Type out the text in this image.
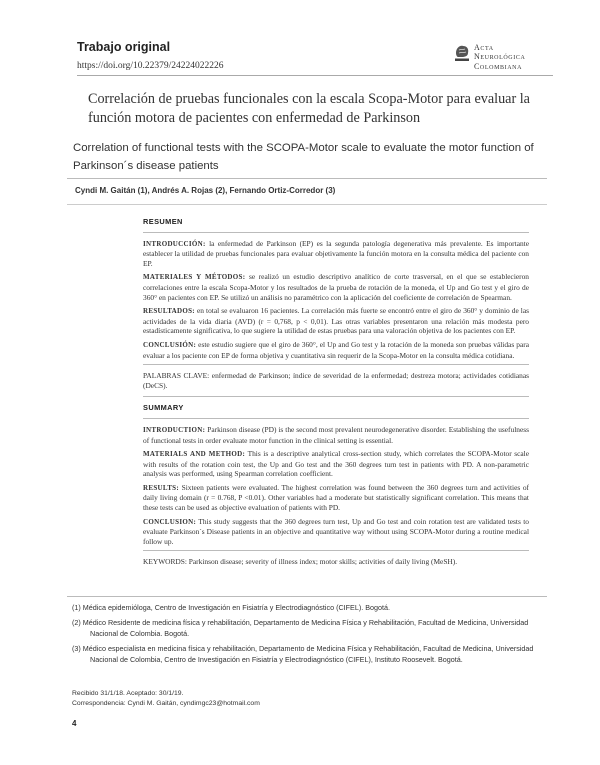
Trabajo original
https://doi.org/10.22379/24224022226
Acta
Neurológica
Colombiana
Correlación de pruebas funcionales con la escala Scopa-Motor para evaluar la función motora de pacientes con enfermedad de Parkinson
Correlation of functional tests with the SCOPA-Motor scale to evaluate the motor function of Parkinson´s disease patients
Cyndi M. Gaitán (1), Andrés A. Rojas (2), Fernando Ortiz-Corredor (3)
RESUMEN

INTRODUCCIÓN: la enfermedad de Parkinson (EP) es la segunda patología degenerativa más prevalente. Es importante establecer la utilidad de pruebas funcionales para evaluar objetivamente la función motora en la consulta médica del paciente con EP.

MATERIALES Y MÉTODOS: se realizó un estudio descriptivo analítico de corte trasversal, en el que se establecieron correlaciones entre la escala Scopa-Motor y los resultados de la prueba de rotación de la moneda, el Up and Go test y el giro de 360° en pacientes con EP. Se utilizó un análisis no paramétrico con la aplicación del coeficiente de correlación de Spearman.

RESULTADOS: en total se evaluaron 16 pacientes. La correlación más fuerte se encontró entre el giro de 360° y dominio de las actividades de la vida diaria (AVD) (r = 0,768, p < 0,01). Las otras variables presentaron una relación más modesta pero estadísticamente significativa, lo que sugiere la utilidad de estas pruebas para una valoración objetiva de los pacientes con EP.

CONCLUSIÓN: este estudio sugiere que el giro de 360°, el Up and Go test y la rotación de la moneda son pruebas válidas para evaluar a los paciente con EP de forma objetiva y cuantitativa sin requerir de la Scopa-Motor en la consulta médica cotidiana.

PALABRAS CLAVE: enfermedad de Parkinson; índice de severidad de la enfermedad; destreza motora; actividades cotidianas (DeCS).

SUMMARY

INTRODUCTION: Parkinson disease (PD) is the second most prevalent neurodegenerative disorder. Establishing the usefulness of functional tests in order evaluate motor function in the clinical setting is essential.

MATERIALS AND METHOD: This is a descriptive analytical cross-section study, which correlates the SCOPA-Motor scale with results of the rotation coin test, the Up and Go test and the 360 degrees turn test in patients with PD. A non-parametric analysis was performed, using Spearman correlation coefficient.

RESULTS: Sixteen patients were evaluated. The highest correlation was found between the 360 degrees turn and activities of daily living domain (r = 0.768, P <0.01). Other variables had a moderate but statistically significant correlation. This means that these tests can be used as objective evaluation of patients with PD.

CONCLUSION: This study suggests that the 360 degrees turn test, Up and Go test and coin rotation test are validated tests to evaluate Parkinson´s Disease patients in an objective and quantitative way without using SCOPA-Motor during a routine medical follow up.

KEYWORDS: Parkinson disease; severity of illness index; motor skills; activities of daily living (MeSH).

(1) Médica epidemióloga, Centro de Investigación en Fisiatría y Electrodiagnóstico (CIFEL). Bogotá.
(2) Médico Residente de medicina física y rehabilitación, Departamento de Medicina Física y Rehabilitación, Facultad de Medicina, Universidad Nacional de Colombia. Bogotá.
(3) Médico especialista en medicina física y rehabilitación, Departamento de Medicina Física y Rehabilitación, Facultad de Medicina, Universidad Nacional de Colombia, Centro de Investigación en Fisiatría y Electrodiagnóstico (CIFEL), Instituto Roosevelt. Bogotá.
Recibido 31/1/18. Aceptado: 30/1/19.
Correspondencia: Cyndi M. Gaitán, cyndimgc23@hotmail.com
4
